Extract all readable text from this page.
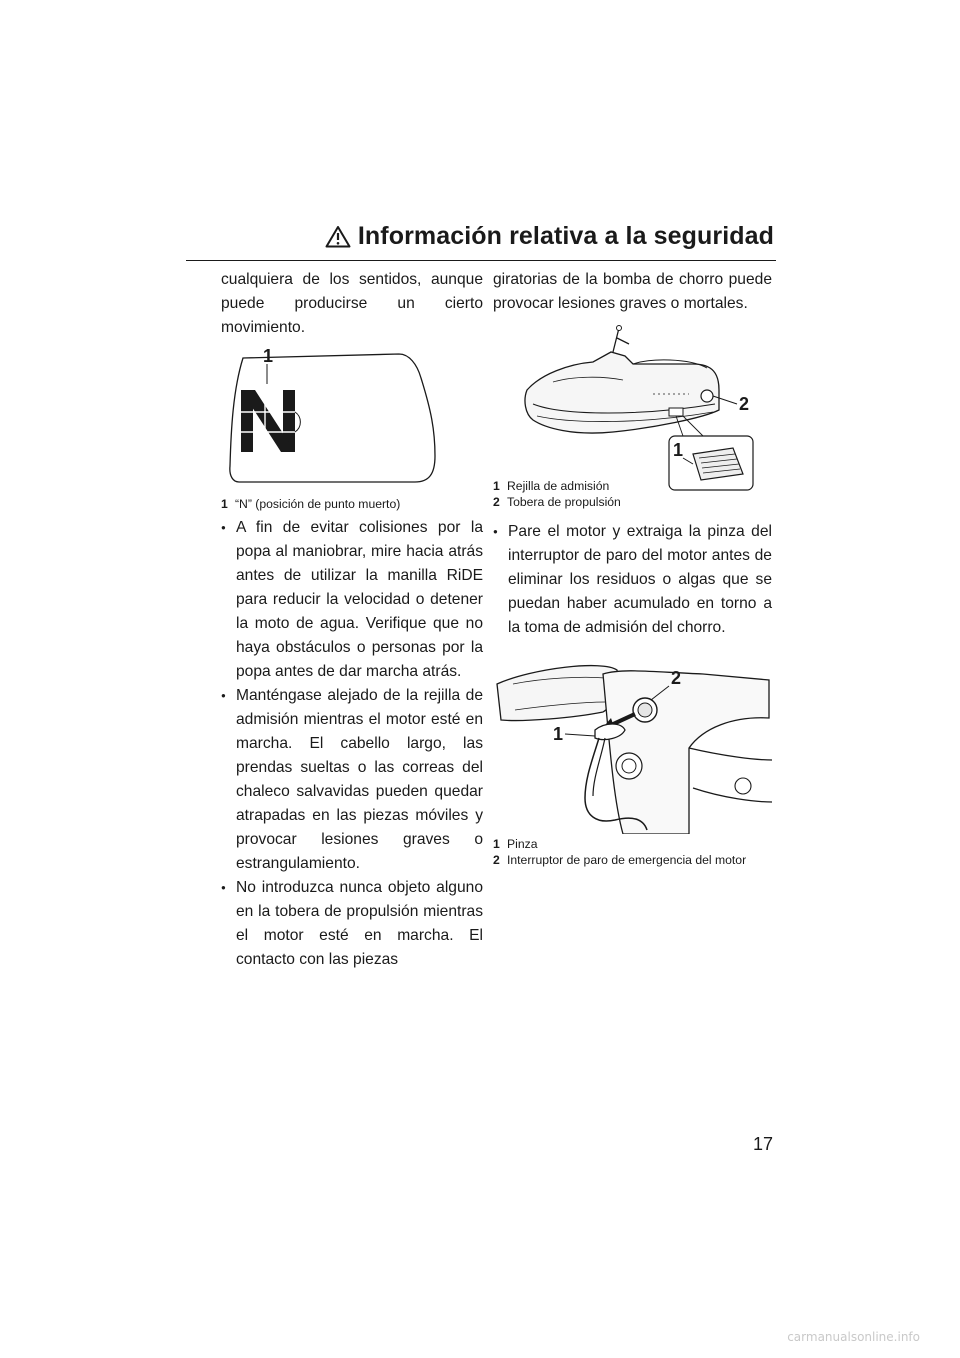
Información relativa a la seguridad

cualquiera de los sentidos, aunque puede producirse un cierto movimiento.

1

1 “N” (posición de punto muerto)

● A fin de evitar colisiones por la popa al maniobrar, mire hacia atrás antes de utilizar la manilla RiDE para reducir la velocidad o detener la moto de agua. Verifique que no haya obstáculos o personas por la popa antes de dar marcha atrás.

● Manténgase alejado de la rejilla de admisión mientras el motor esté en marcha. El cabello largo, las prendas sueltas o las correas del chaleco salvavidas pueden quedar atrapadas en las piezas móviles y provocar lesiones graves o estrangulamiento.

● No introduzca nunca objeto alguno en la tobera de propulsión mientras el motor esté en marcha. El contacto con las piezas

giratorias de la bomba de chorro puede provocar lesiones graves o mortales.

2
1

1 Rejilla de admisión

2 Tobera de propulsión

● Pare el motor y extraiga la pinza del interruptor de paro del motor antes de eliminar los residuos o algas que se puedan haber acumulado en torno a la toma de admisión del chorro.

1
2

1 Pinza

2 Interruptor de paro de emergencia del motor

17
carmanualsonline.info
